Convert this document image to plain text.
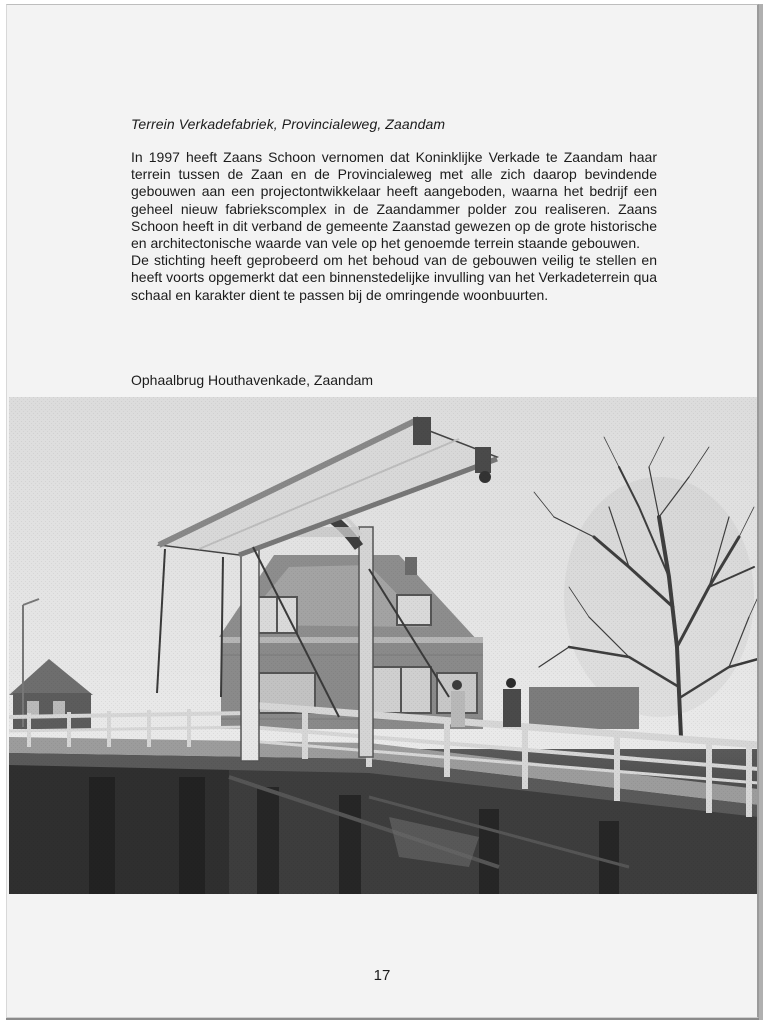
Terrein Verkadefabriek, Provincialeweg, Zaandam

In 1997 heeft Zaans Schoon vernomen dat Koninklijke Verkade te Zaandam haar terrein tussen de Zaan en de Provincialeweg met alle zich daarop bevindende gebouwen aan een projectontwikkelaar heeft aangeboden, waarna het bedrijf een geheel nieuw fabriekscomplex in de Zaandammer polder zou realiseren. Zaans Schoon heeft in dit verband de gemeente Zaanstad gewezen op de grote historische en architectonische waarde van vele op het genoemde terrein staande gebouwen.

De stichting heeft geprobeerd om het behoud van de gebouwen veilig te stellen en heeft voorts opgemerkt dat een binnenstedelijke invulling van het Verkadeterrein qua schaal en karakter dient te passen bij de omringende woonbuurten.

Ophaalbrug Houthavenkade, Zaandam
17
